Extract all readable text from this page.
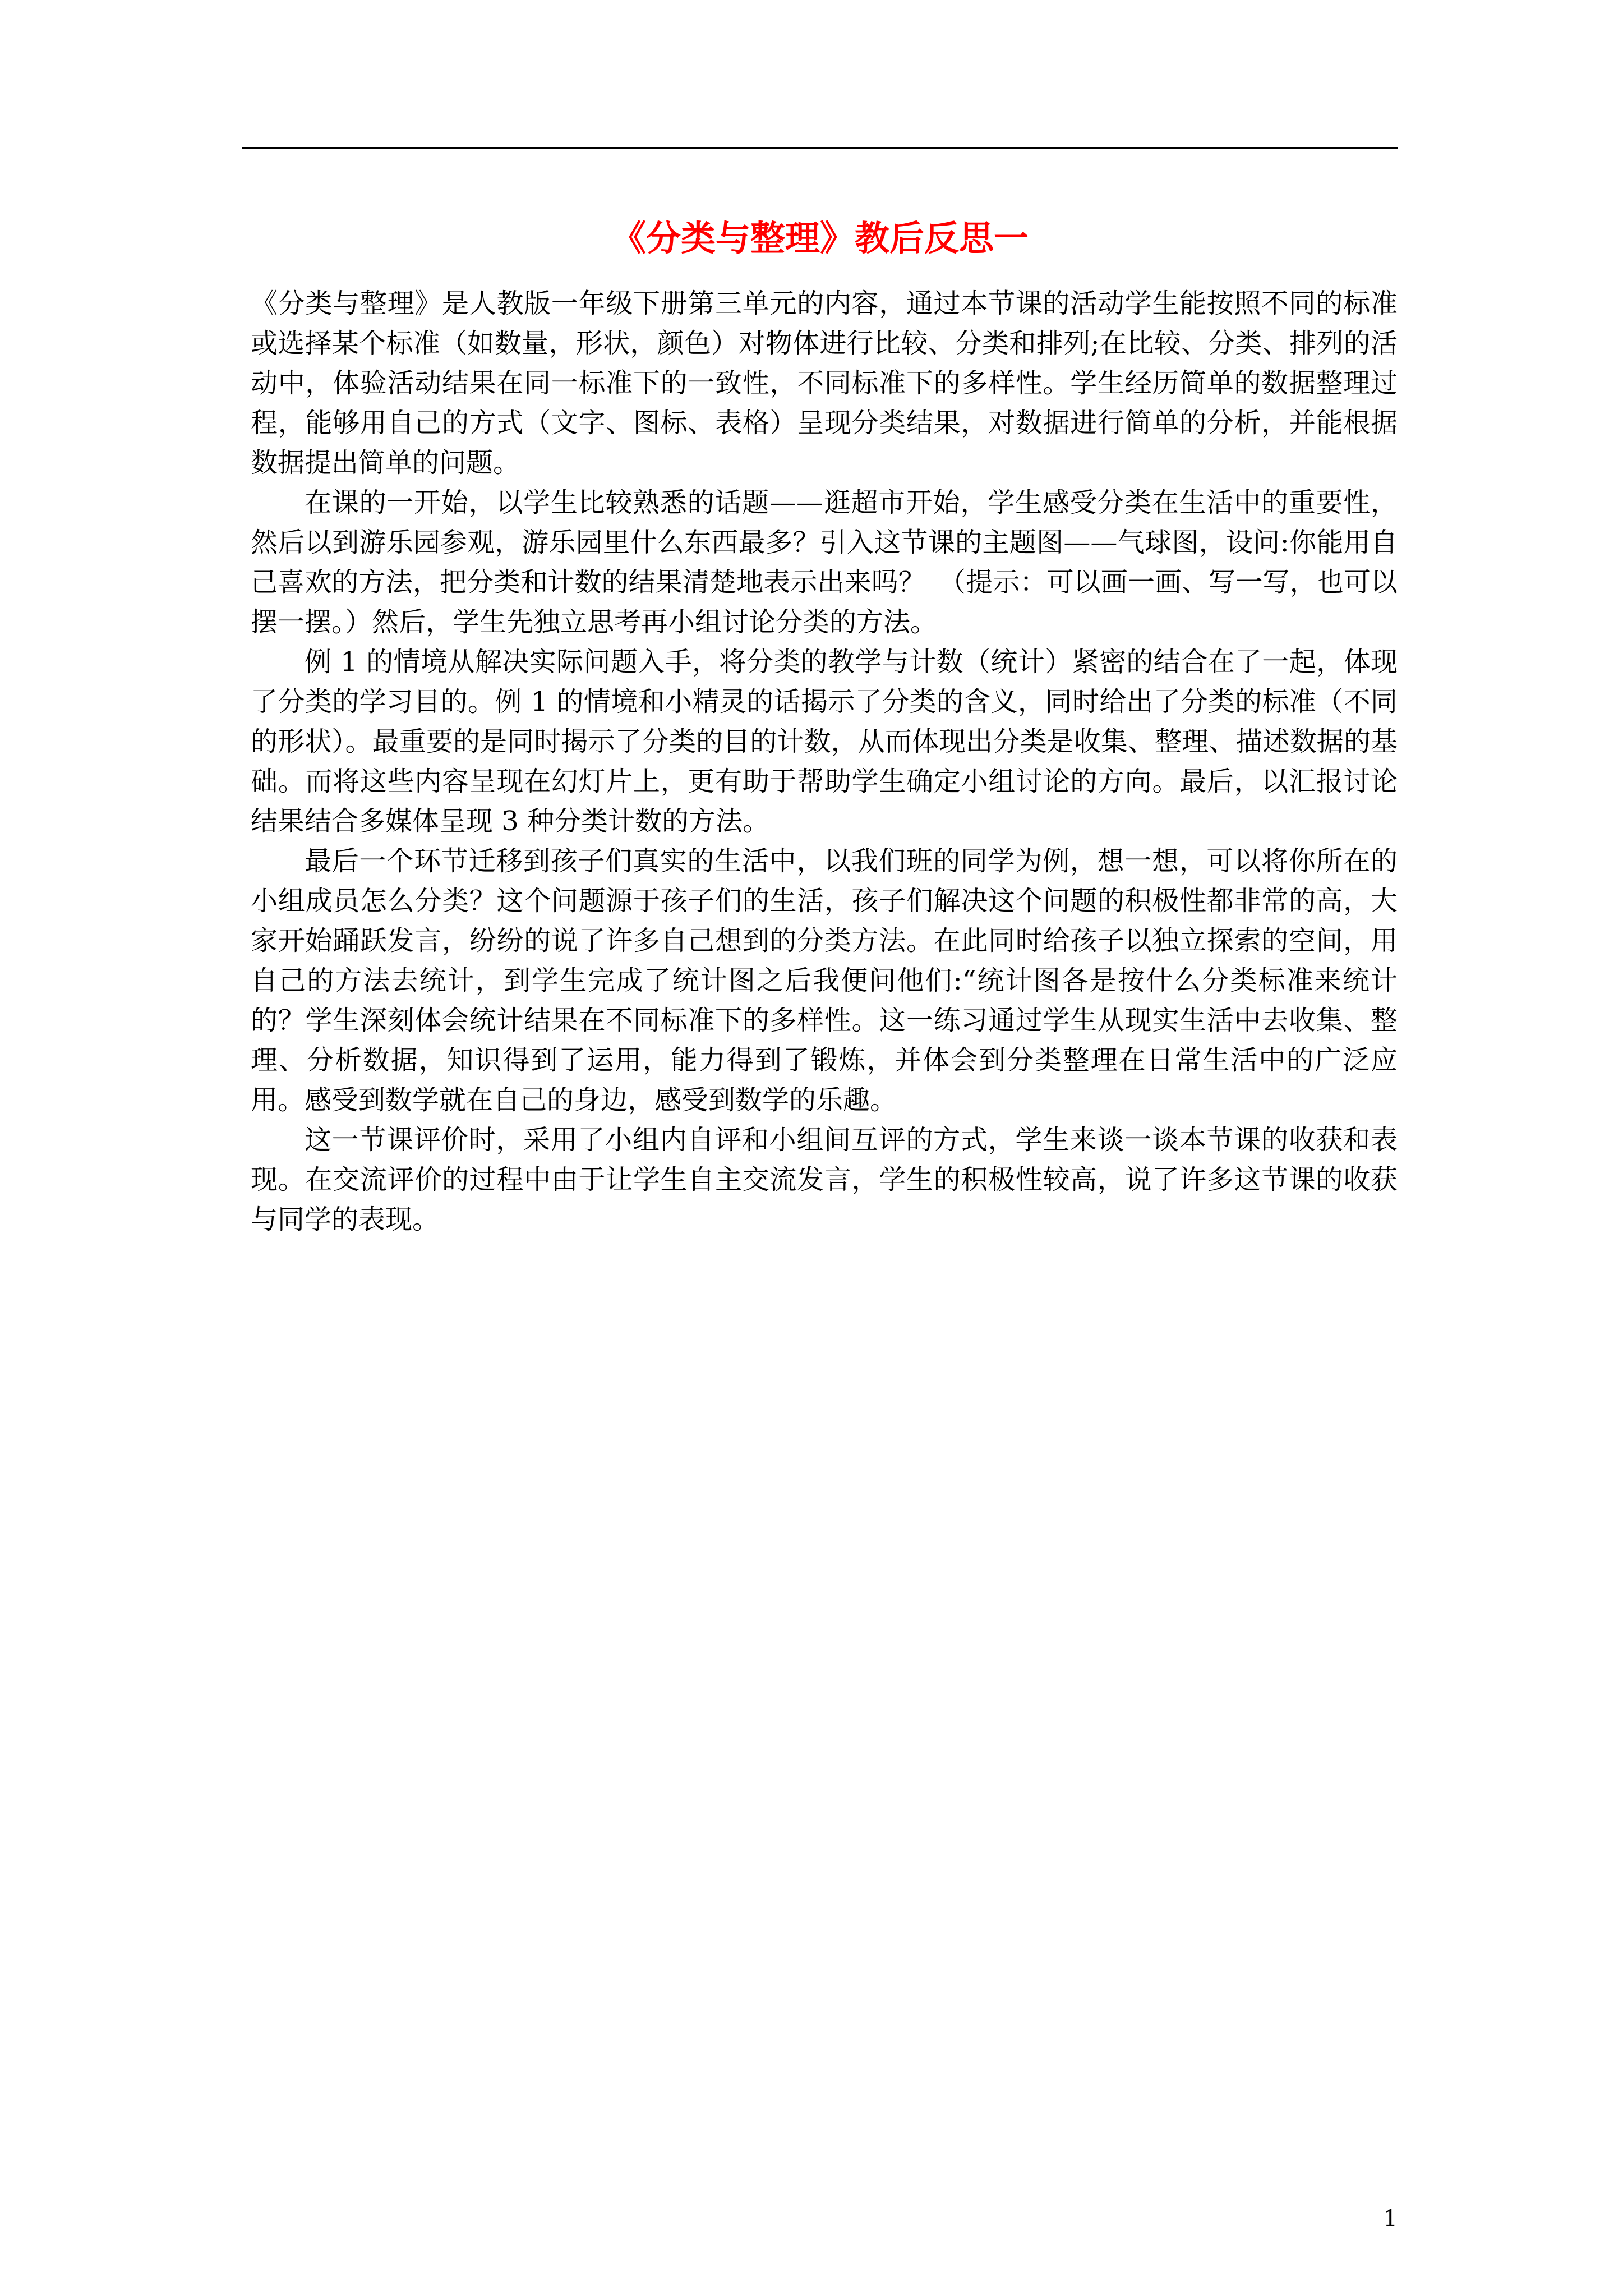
《分类与整理》教后反思一

《分类与整理》是人教版一年级下册第三单元的内容，通过本节课的活动学生能按照不同的标准或选择某个标准（如数量，形状，颜色）对物体进行比较、分类和排列;在比较、分类、排列的活动中，体验活动结果在同一标准下的一致性，不同标准下的多样性。学生经历简单的数据整理过程，能够用自己的方式（文字、图标、表格）呈现分类结果，对数据进行简单的分析，并能根据数据提出简单的问题。

在课的一开始，以学生比较熟悉的话题——逛超市开始，学生感受分类在生活中的重要性，然后以到游乐园参观，游乐园里什么东西最多？引入这节课的主题图——气球图，设问:你能用自己喜欢的方法，把分类和计数的结果清楚地表示出来吗？　（提示：可以画一画、写一写，也可以摆一摆。）然后，学生先独立思考再小组讨论分类的方法。

例 1 的情境从解决实际问题入手，将分类的教学与计数（统计）紧密的结合在了一起，体现了分类的学习目的。例 1 的情境和小精灵的话揭示了分类的含义，同时给出了分类的标准（不同的形状）。最重要的是同时揭示了分类的目的计数，从而体现出分类是收集、整理、描述数据的基础。而将这些内容呈现在幻灯片上，更有助于帮助学生确定小组讨论的方向。最后，以汇报讨论结果结合多媒体呈现 3 种分类计数的方法。

最后一个环节迁移到孩子们真实的生活中，以我们班的同学为例，想一想，可以将你所在的小组成员怎么分类？这个问题源于孩子们的生活，孩子们解决这个问题的积极性都非常的高，大家开始踊跃发言，纷纷的说了许多自己想到的分类方法。在此同时给孩子以独立探索的空间，用自己的方法去统计，到学生完成了统计图之后我便问他们:“统计图各是按什么分类标准来统计的？学生深刻体会统计结果在不同标准下的多样性。这一练习通过学生从现实生活中去收集、整理、分析数据，知识得到了运用，能力得到了锻炼，并体会到分类整理在日常生活中的广泛应用。感受到数学就在自己的身边，感受到数学的乐趣。

这一节课评价时，采用了小组内自评和小组间互评的方式，学生来谈一谈本节课的收获和表现。在交流评价的过程中由于让学生自主交流发言，学生的积极性较高，说了许多这节课的收获与同学的表现。

1
